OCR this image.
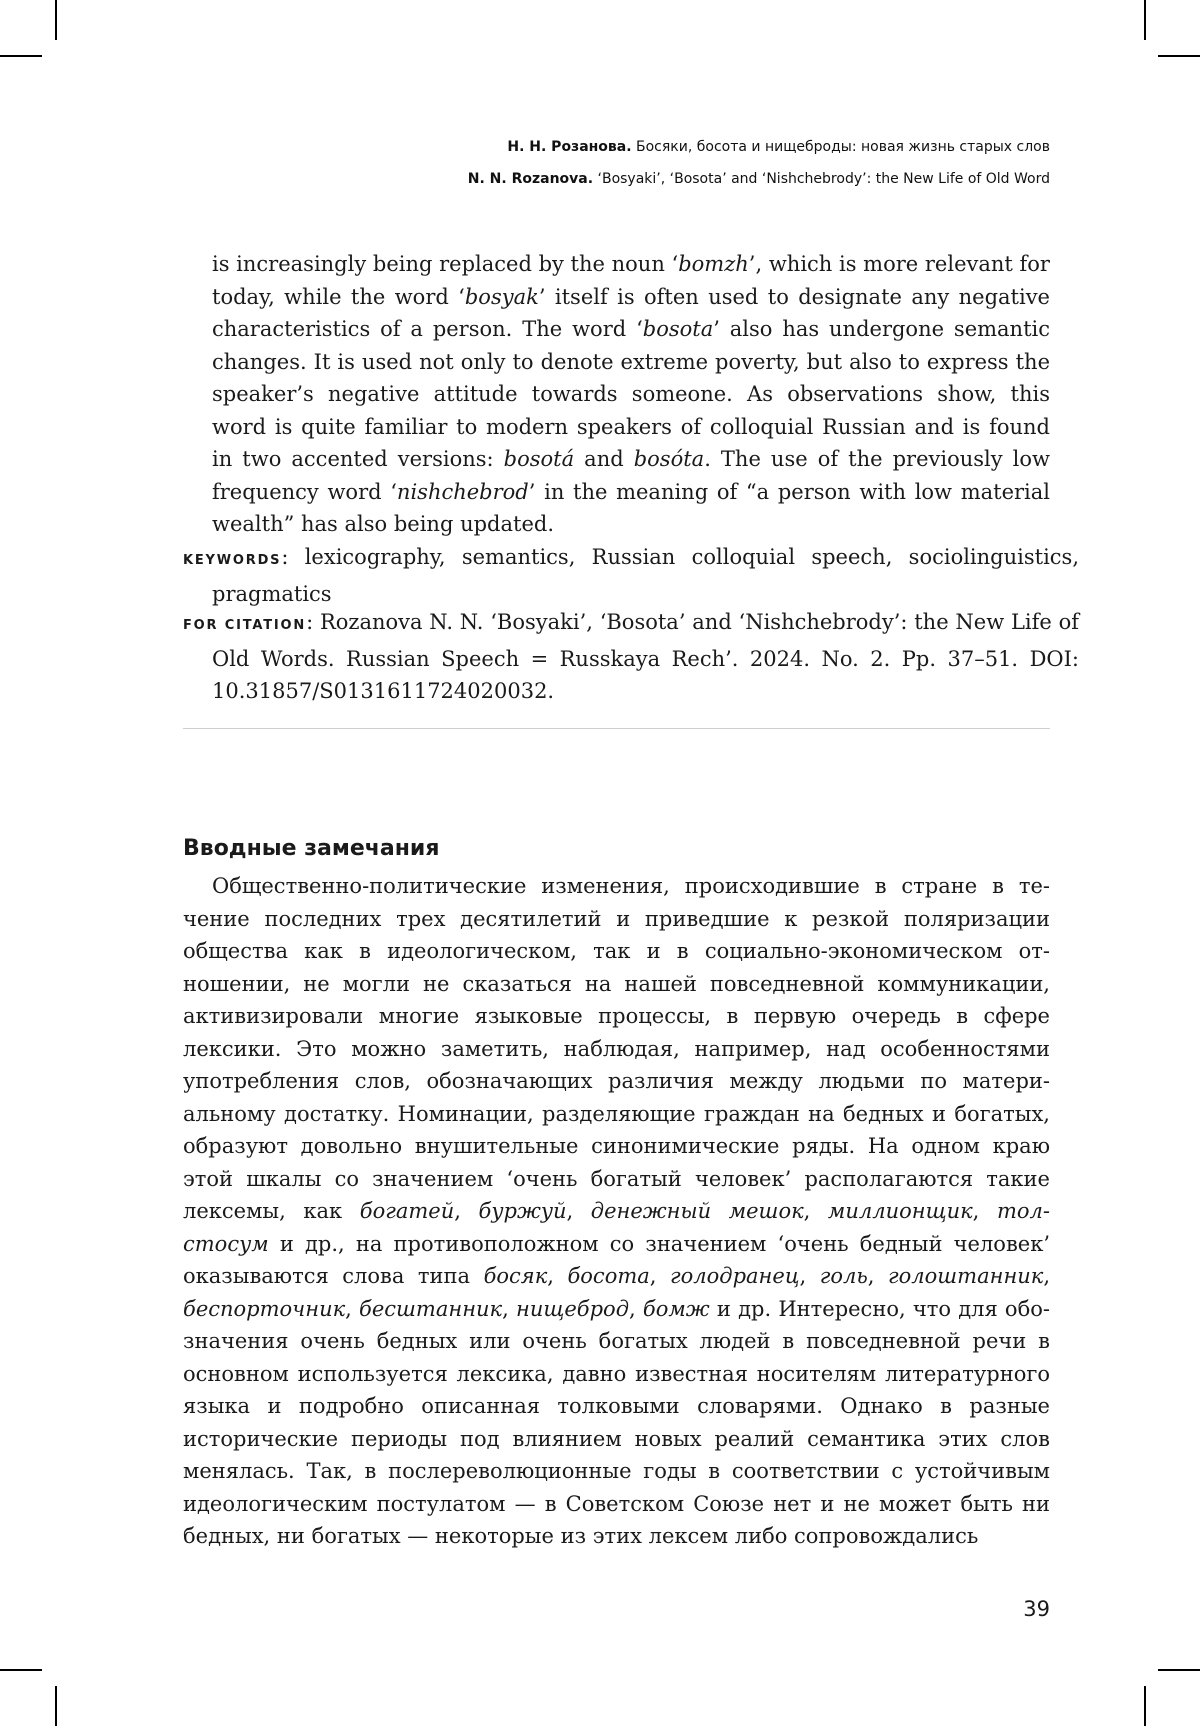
Н. Н. Розанова. Босяки, босота и нищеброды: новая жизнь старых слов
N. N. Rozanova. ‘Bosyaki’, ‘Bosota’ and ‘Nishchebrody’: the New Life of Old Word

is increasingly being replaced by the noun ‘bomzh’, which is more relevant for today, while the word ‘bosyak’ itself is often used to designate any negative characteristics of a person. The word ‘bosota’ also has undergone semantic changes. It is used not only to denote extreme poverty, but also to express the speaker’s negative attitude towards someone. As observations show, this word is quite familiar to modern speakers of colloquial Russian and is found in two accented versions: bosotá and bosóta. The use of the previously low frequency word ‘nishchebrod’ in the meaning of “a person with low material wealth” has also being updated.

KEYWORDS: lexicography, semantics, Russian colloquial speech, sociolinguistics, pragmatics
FOR CITATION: Rozanova N. N. ‘Bosyaki’, ‘Bosota’ and ‘Nishchebrody’: the New Life of Old Words. Russian Speech = Russkaya Rech’. 2024. No. 2. Pp. 37–51. DOI: 10.31857/S0131611724020032.
Вводные замечания

Общественно-политические изменения, происходившие в стране в течение последних трех десятилетий и приведшие к резкой поляризации общества как в идеологическом, так и в социально-экономическом отношении, не могли не сказаться на нашей повседневной коммуникации, активизировали многие языковые процессы, в первую очередь в сфере лексики. Это можно заметить, наблюдая, например, над особенностями употребления слов, обозначающих различия между людьми по материальному достатку. Номинации, разделяющие граждан на бедных и богатых, образуют довольно внушительные синонимические ряды. На одном краю этой шкалы со значением ‘очень богатый человек’ располагаются такие лексемы, как богатей, буржуй, денежный мешок, миллионщик, толстосум и др., на противоположном со значением ‘очень бедный человек’ оказываются слова типа босяк, босота, голодранец, голь, голоштанник, беспорточник, бесштанник, нищеброд, бомж и др. Интересно, что для обозначения очень бедных или очень богатых людей в повседневной речи в основном используется лексика, давно известная носителям литературного языка и подробно описанная толковыми словарями. Однако в разные исторические периоды под влиянием новых реалий семантика этих слов менялась. Так, в послереволюционные годы в соответствии с устойчивым идеологическим постулатом — в Советском Союзе нет и не может быть ни бедных, ни богатых — некоторые из этих лексем либо сопровождались

39
